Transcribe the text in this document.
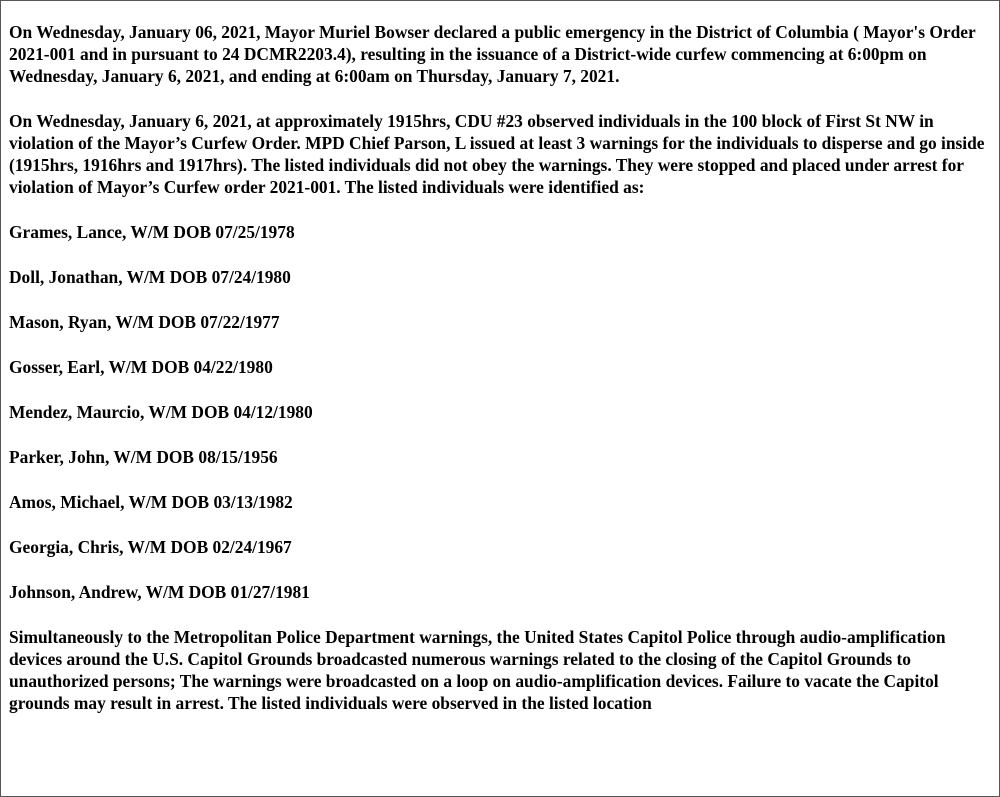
On Wednesday, January 06, 2021, Mayor Muriel Bowser declared a public emergency in the District of Columbia ( Mayor's Order 2021-001 and in pursuant to 24 DCMR2203.4), resulting in the issuance of a District-wide curfew commencing at 6:00pm on Wednesday, January 6, 2021, and ending at 6:00am on Thursday, January 7, 2021.

On Wednesday, January 6, 2021, at approximately 1915hrs, CDU #23 observed individuals in the 100 block of First St NW in violation of the Mayor’s Curfew Order. MPD Chief Parson, L issued at least 3 warnings for the individuals to disperse and go inside (1915hrs, 1916hrs and 1917hrs). The listed individuals did not obey the warnings. They were stopped and placed under arrest for violation of Mayor’s Curfew order 2021-001. The listed individuals were identified as:

Grames, Lance, W/M DOB 07/25/1978
Doll, Jonathan, W/M DOB 07/24/1980
Mason, Ryan, W/M DOB 07/22/1977
Gosser, Earl, W/M DOB 04/22/1980
Mendez, Maurcio, W/M DOB 04/12/1980
Parker, John, W/M DOB 08/15/1956
Amos, Michael, W/M DOB 03/13/1982
Georgia, Chris, W/M DOB 02/24/1967
Johnson, Andrew, W/M DOB 01/27/1981

Simultaneously to the Metropolitan Police Department warnings, the United States Capitol Police through audio-amplification devices around the U.S. Capitol Grounds broadcasted numerous warnings related to the closing of the Capitol Grounds to unauthorized persons; The warnings were broadcasted on a loop on audio-amplification devices. Failure to vacate the Capitol grounds may result in arrest. The listed individuals were observed in the listed location
